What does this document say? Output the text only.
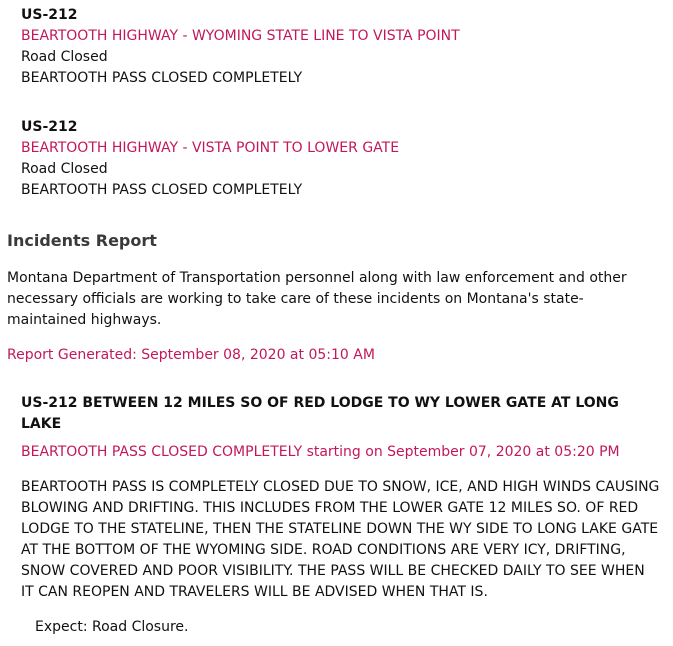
US-212
BEARTOOTH HIGHWAY - WYOMING STATE LINE TO VISTA POINT
Road Closed
BEARTOOTH PASS CLOSED COMPLETELY
US-212
BEARTOOTH HIGHWAY - VISTA POINT TO LOWER GATE
Road Closed
BEARTOOTH PASS CLOSED COMPLETELY
Incidents Report

Montana Department of Transportation personnel along with law enforcement and other necessary officials are working to take care of these incidents on Montana's state-maintained highways.

Report Generated: September 08, 2020 at 05:10 AM
US-212 BETWEEN 12 MILES SO OF RED LODGE TO WY LOWER GATE AT LONG LAKE
BEARTOOTH PASS CLOSED COMPLETELY starting on September 07, 2020 at 05:20 PM
BEARTOOTH PASS IS COMPLETELY CLOSED DUE TO SNOW, ICE, AND HIGH WINDS CAUSING BLOWING AND DRIFTING. THIS INCLUDES FROM THE LOWER GATE 12 MILES SO. OF RED LODGE TO THE STATELINE, THEN THE STATELINE DOWN THE WY SIDE TO LONG LAKE GATE AT THE BOTTOM OF THE WYOMING SIDE. ROAD CONDITIONS ARE VERY ICY, DRIFTING, SNOW COVERED AND POOR VISIBILITY. THE PASS WILL BE CHECKED DAILY TO SEE WHEN IT CAN REOPEN AND TRAVELERS WILL BE ADVISED WHEN THAT IS.
Expect: Road Closure.
